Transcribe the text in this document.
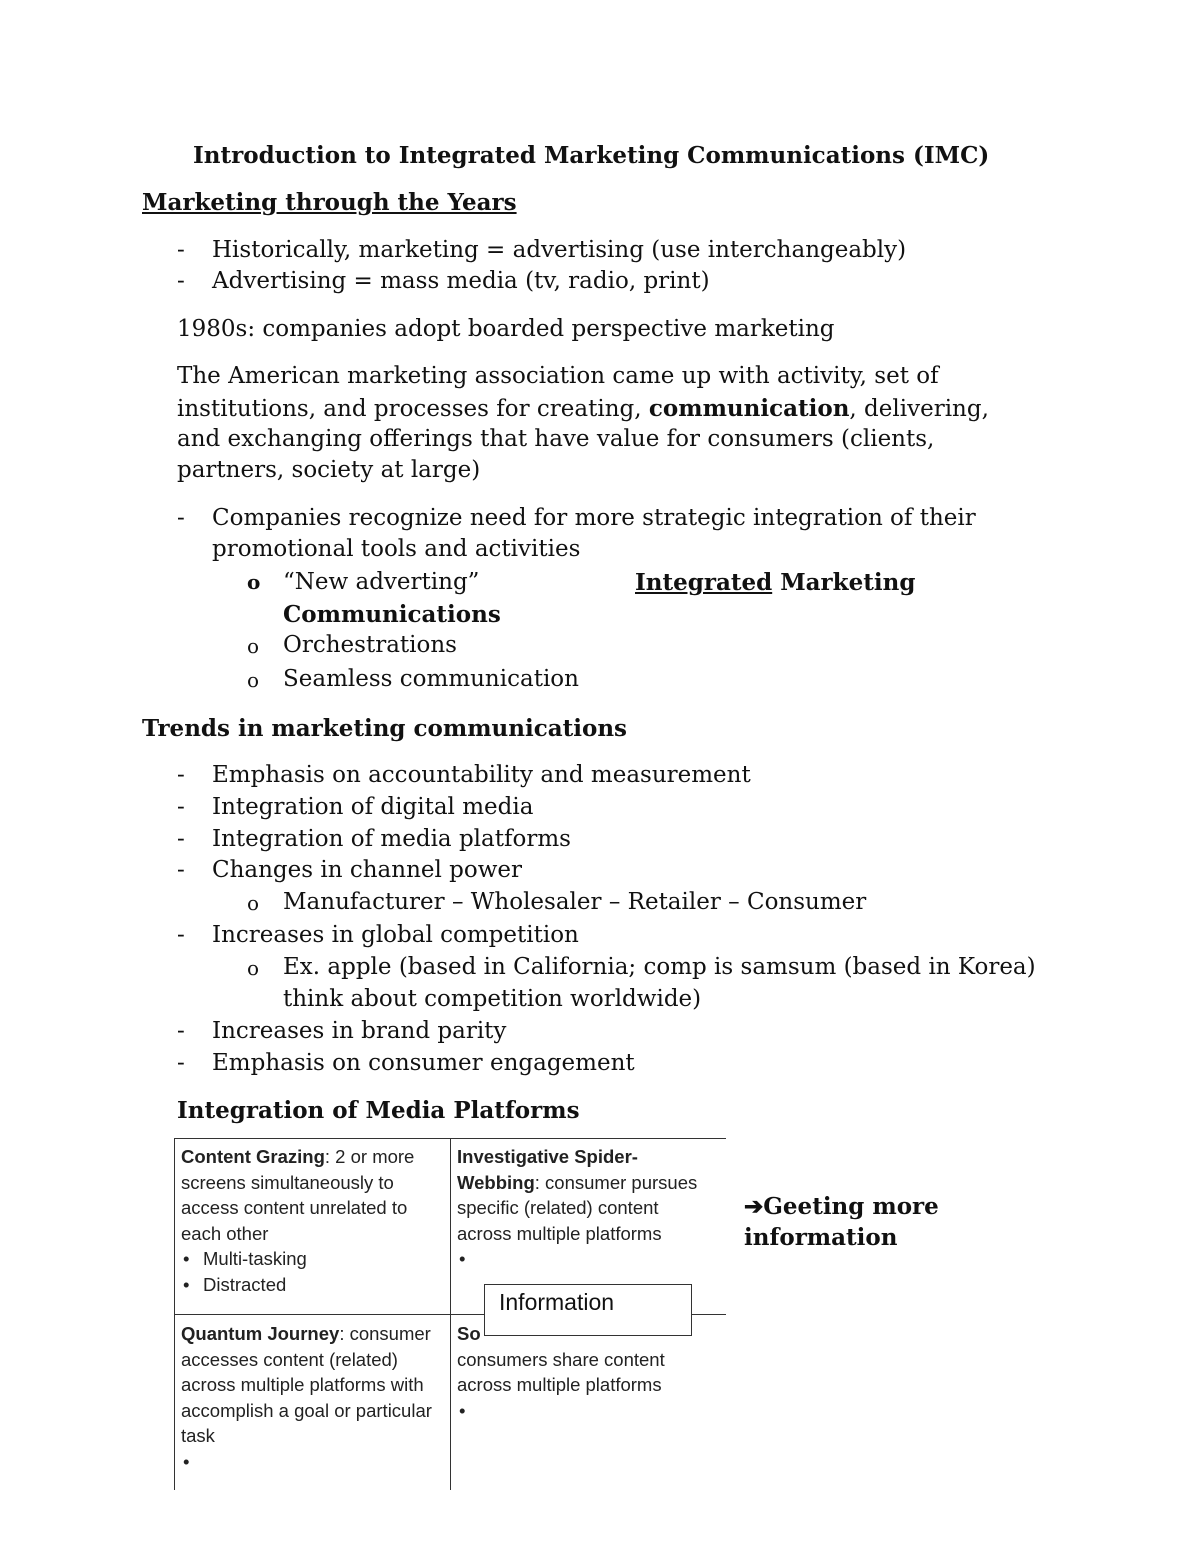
Introduction to Integrated Marketing Communications (IMC)
Marketing through the Years
- Historically, marketing = advertising (use interchangeably)
- Advertising = mass media (tv, radio, print)
1980s: companies adopt boarded perspective marketing
The American marketing association came up with activity, set of
institutions, and processes for creating, communication, delivering,
and exchanging offerings that have value for consumers (clients,
partners, society at large)
- Companies recognize need for more strategic integration of their
promotional tools and activities
o “New adverting”	Integrated Marketing
Communications
o Orchestrations
o Seamless communication
Trends in marketing communications
- Emphasis on accountability and measurement
- Integration of digital media
- Integration of media platforms
- Changes in channel power
o Manufacturer – Wholesaler – Retailer – Consumer
- Increases in global competition
o Ex. apple (based in California; comp is samsum (based in Korea)
think about competition worldwide)
- Increases in brand parity
- Emphasis on consumer engagement
Integration of Media Platforms
Content Grazing: 2 or more screens simultaneously to access content unrelated to each other
• Multi-tasking
• Distracted
Investigative Spider-Webbing: consumer pursues specific (related) content across multiple platforms
Quantum Journey: consumer accesses content (related) across multiple platforms with accomplish a goal or particular task
So
consumers share content across multiple platforms
Information
➔Geeting more
information
